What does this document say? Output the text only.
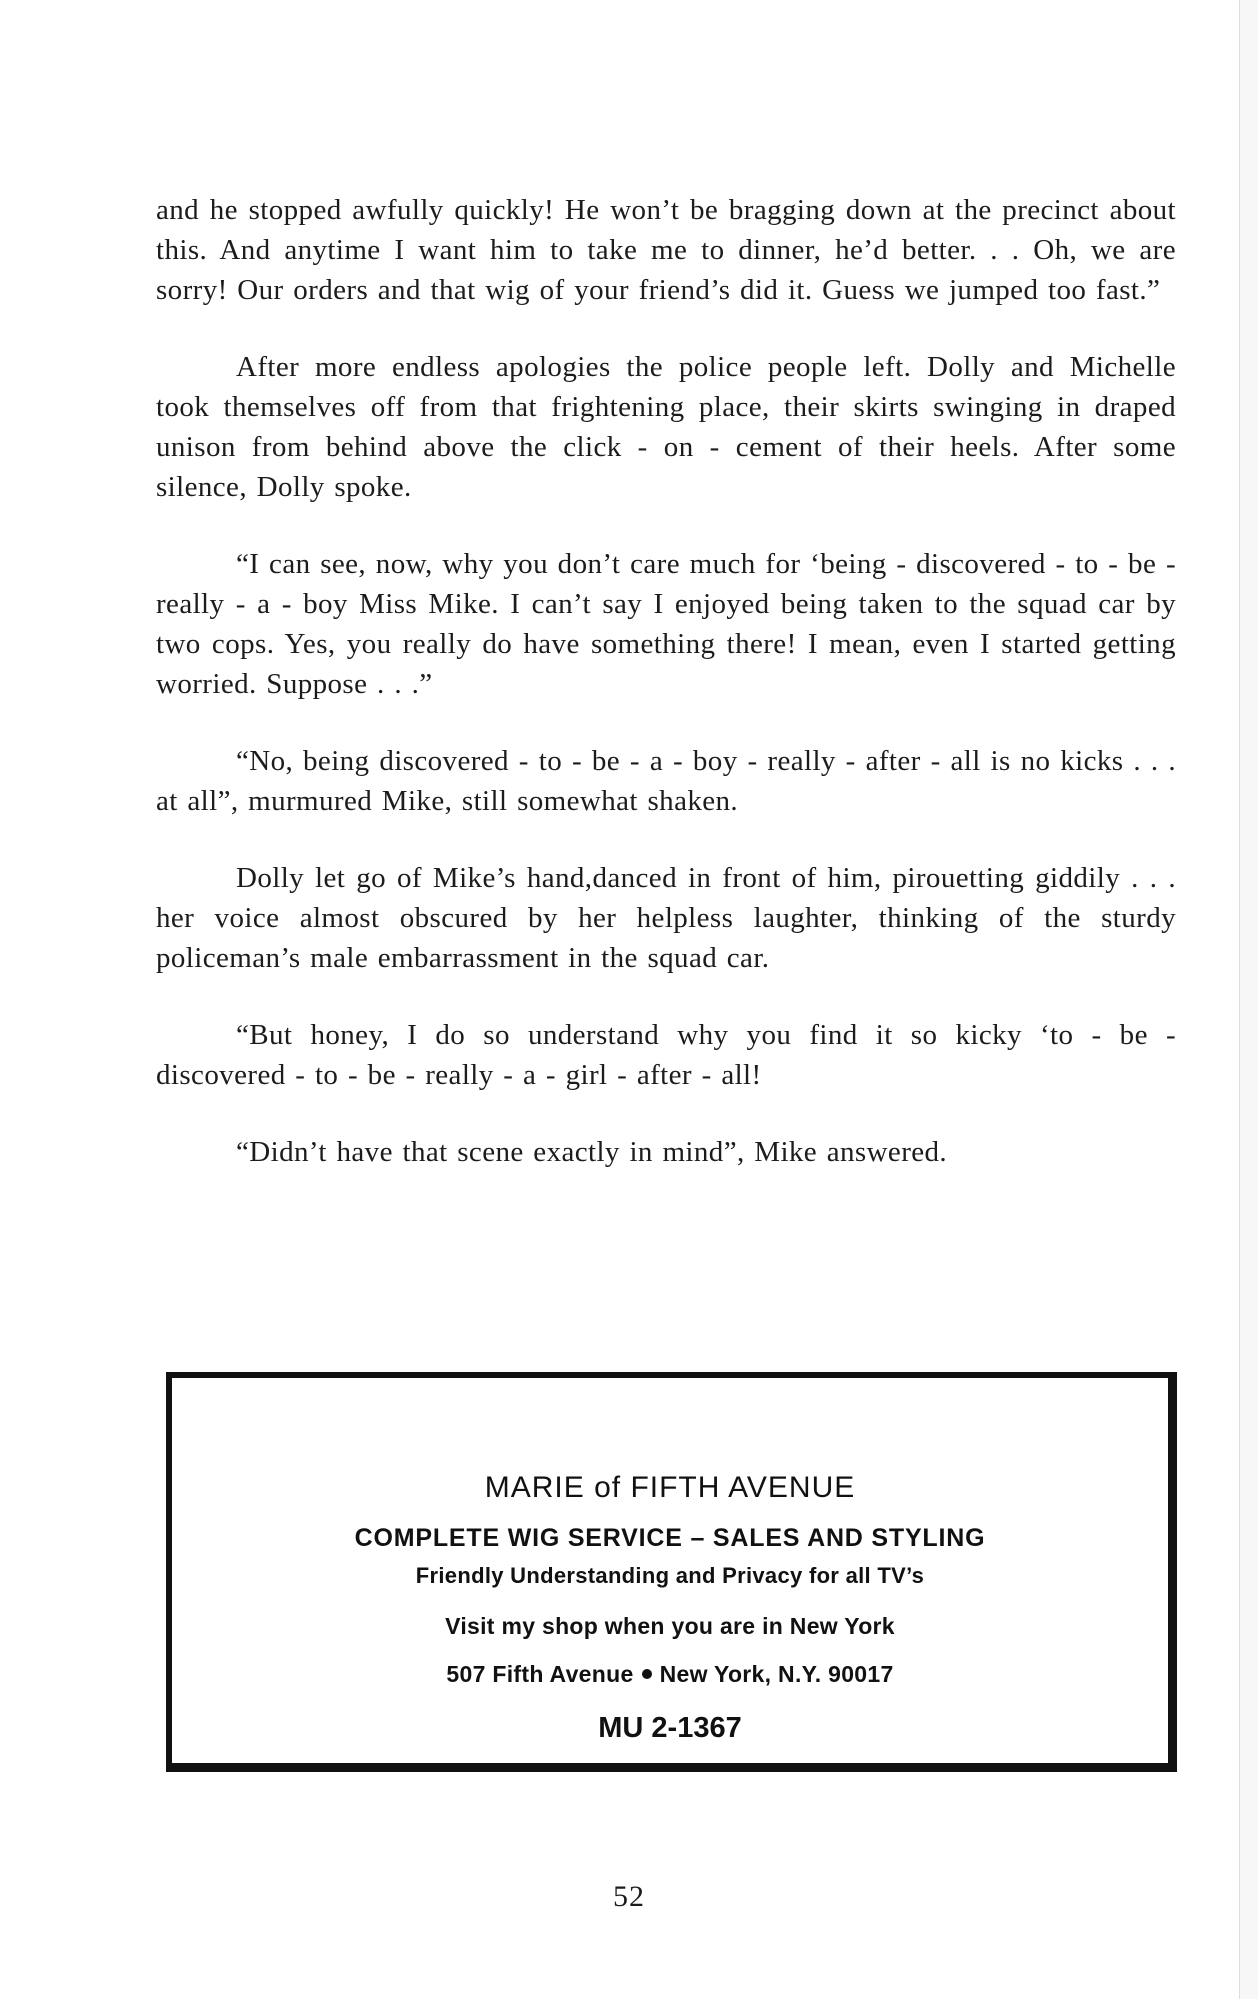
and he stopped awfully quickly! He won’t be bragging down at the precinct about this. And anytime I want him to take me to dinner, he’d better. . . Oh, we are sorry! Our orders and that wig of your friend’s did it. Guess we jumped too fast.”

After more endless apologies the police people left. Dolly and Michelle took themselves off from that frightening place, their skirts swinging in draped unison from behind above the click - on - cement of their heels. After some silence, Dolly spoke.

“I can see, now, why you don’t care much for ‘being - discovered - to - be - really - a - boy Miss Mike. I can’t say I enjoyed being taken to the squad car by two cops. Yes, you really do have something there! I mean, even I started getting worried. Suppose . . .”

“No, being discovered - to - be - a - boy - really - after - all is no kicks . . . at all”, murmured Mike, still somewhat shaken.

Dolly let go of Mike’s hand,danced in front of him, pirouetting giddily . . . her voice almost obscured by her helpless laughter, thinking of the sturdy policeman’s male embarrassment in the squad car.

“But honey, I do so understand why you find it so kicky ‘to - be -discovered - to - be - really - a - girl - after - all!

“Didn’t have that scene exactly in mind”, Mike answered.

MARIE of FIFTH AVENUE
COMPLETE WIG SERVICE – SALES AND STYLING
Friendly Understanding and Privacy for all TV’s
Visit my shop when you are in New York
507 Fifth Avenue New York, N.Y. 90017
MU 2-1367
52
